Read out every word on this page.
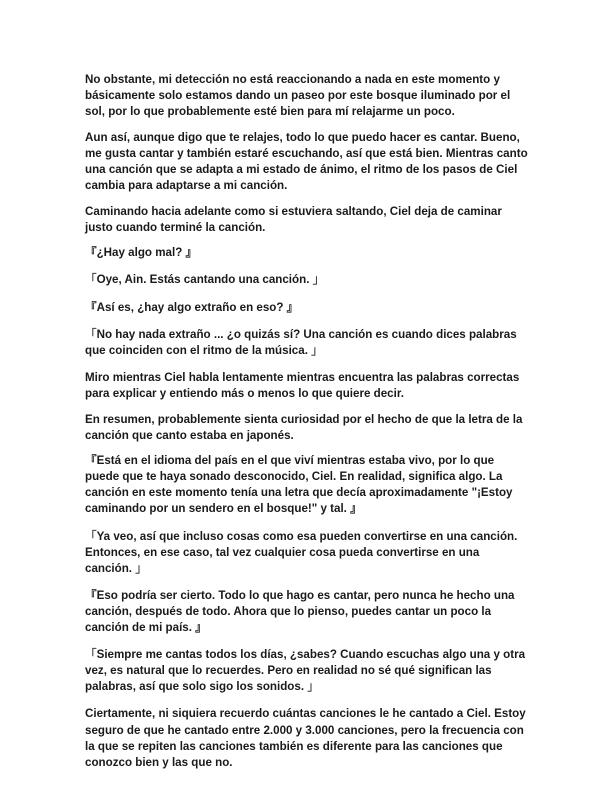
No obstante, mi detección no está reaccionando a nada en este momento y básicamente solo estamos dando un paseo por este bosque iluminado por el sol, por lo que probablemente esté bien para mí relajarme un poco.

Aun así, aunque digo que te relajes, todo lo que puedo hacer es cantar. Bueno, me gusta cantar y también estaré escuchando, así que está bien. Mientras canto una canción que se adapta a mi estado de ánimo, el ritmo de los pasos de Ciel cambia para adaptarse a mi canción.

Caminando hacia adelante como si estuviera saltando, Ciel deja de caminar justo cuando terminé la canción.

『¿Hay algo mal? 』

「Oye, Ain. Estás cantando una canción. 」

『Así es, ¿hay algo extraño en eso? 』

「No hay nada extraño ... ¿o quizás sí? Una canción es cuando dices palabras que coinciden con el ritmo de la música. 」

Miro mientras Ciel habla lentamente mientras encuentra las palabras correctas para explicar y entiendo más o menos lo que quiere decir.

En resumen, probablemente sienta curiosidad por el hecho de que la letra de la canción que canto estaba en japonés.

『Está en el idioma del país en el que viví mientras estaba vivo, por lo que puede que te haya sonado desconocido, Ciel. En realidad, significa algo. La canción en este momento tenía una letra que decía aproximadamente "¡Estoy caminando por un sendero en el bosque!" y tal. 』

「Ya veo, así que incluso cosas como esa pueden convertirse en una canción. Entonces, en ese caso, tal vez cualquier cosa pueda convertirse en una canción. 」

『Eso podría ser cierto. Todo lo que hago es cantar, pero nunca he hecho una canción, después de todo. Ahora que lo pienso, puedes cantar un poco la canción de mi país. 』

「Siempre me cantas todos los días, ¿sabes? Cuando escuchas algo una y otra vez, es natural que lo recuerdes. Pero en realidad no sé qué significan las palabras, así que solo sigo los sonidos. 」

Ciertamente, ni siquiera recuerdo cuántas canciones le he cantado a Ciel. Estoy seguro de que he cantado entre 2.000 y 3.000 canciones, pero la frecuencia con la que se repiten las canciones también es diferente para las canciones que conozco bien y las que no.
